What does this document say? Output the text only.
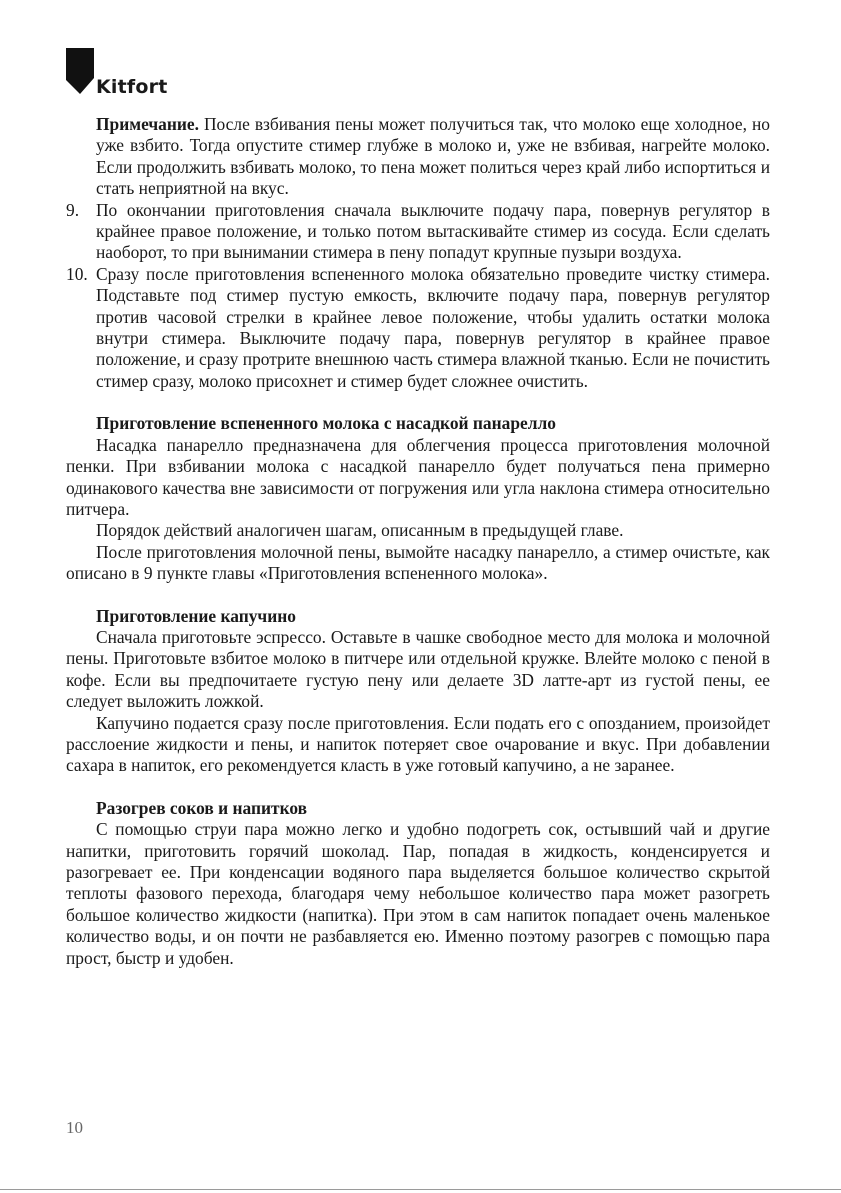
Kitfort

Примечание. После взбивания пены может получиться так, что молоко еще холодное, но уже взбито. Тогда опустите стимер глубже в молоко и, уже не взбивая, нагрейте молоко. Если продолжить взбивать молоко, то пена может политься через край либо испортиться и стать неприятной на вкус.

9. По окончании приготовления сначала выключите подачу пара, повернув регулятор в крайнее правое положение, и только потом вытаскивайте стимер из сосуда. Если сделать наоборот, то при вынимании стимера в пену попадут крупные пузыри воздуха.

10. Сразу после приготовления вспененного молока обязательно проведите чистку стимера. Подставьте под стимер пустую емкость, включите подачу пара, повернув регулятор против часовой стрелки в крайнее левое положение, чтобы удалить остатки молока внутри стимера. Выключите подачу пара, повернув регулятор в крайнее правое положение, и сразу протрите внешнюю часть стимера влажной тканью. Если не почистить стимер сразу, молоко присохнет и стимер будет сложнее очистить.

Приготовление вспененного молока с насадкой панарелло

Насадка панарелло предназначена для облегчения процесса приготовления молочной пенки. При взбивании молока с насадкой панарелло будет получаться пена примерно одинакового качества вне зависимости от погружения или угла наклона стимера относительно питчера.

Порядок действий аналогичен шагам, описанным в предыдущей главе.

После приготовления молочной пены, вымойте насадку панарелло, а стимер очистьте, как описано в 9 пункте главы «Приготовления вспененного молока».

Приготовление капучино

Сначала приготовьте эспрессо. Оставьте в чашке свободное место для молока и молочной пены. Приготовьте взбитое молоко в питчере или отдельной кружке. Влейте молоко с пеной в кофе. Если вы предпочитаете густую пену или делаете 3D латте-арт из густой пены, ее следует выложить ложкой.

Капучино подается сразу после приготовления. Если подать его с опозданием, произойдет расслоение жидкости и пены, и напиток потеряет свое очарование и вкус. При добавлении сахара в напиток, его рекомендуется класть в уже готовый капучино, а не заранее.

Разогрев соков и напитков

С помощью струи пара можно легко и удобно подогреть сок, остывший чай и другие напитки, приготовить горячий шоколад. Пар, попадая в жидкость, конденсируется и разогревает ее. При конденсации водяного пара выделяется большое количество скрытой теплоты фазового перехода, благодаря чему небольшое количество пара может разогреть большое количество жидкости (напитка). При этом в сам напиток попадает очень маленькое количество воды, и он почти не разбавляется ею. Именно поэтому разогрев с помощью пара прост, быстр и удобен.

10
